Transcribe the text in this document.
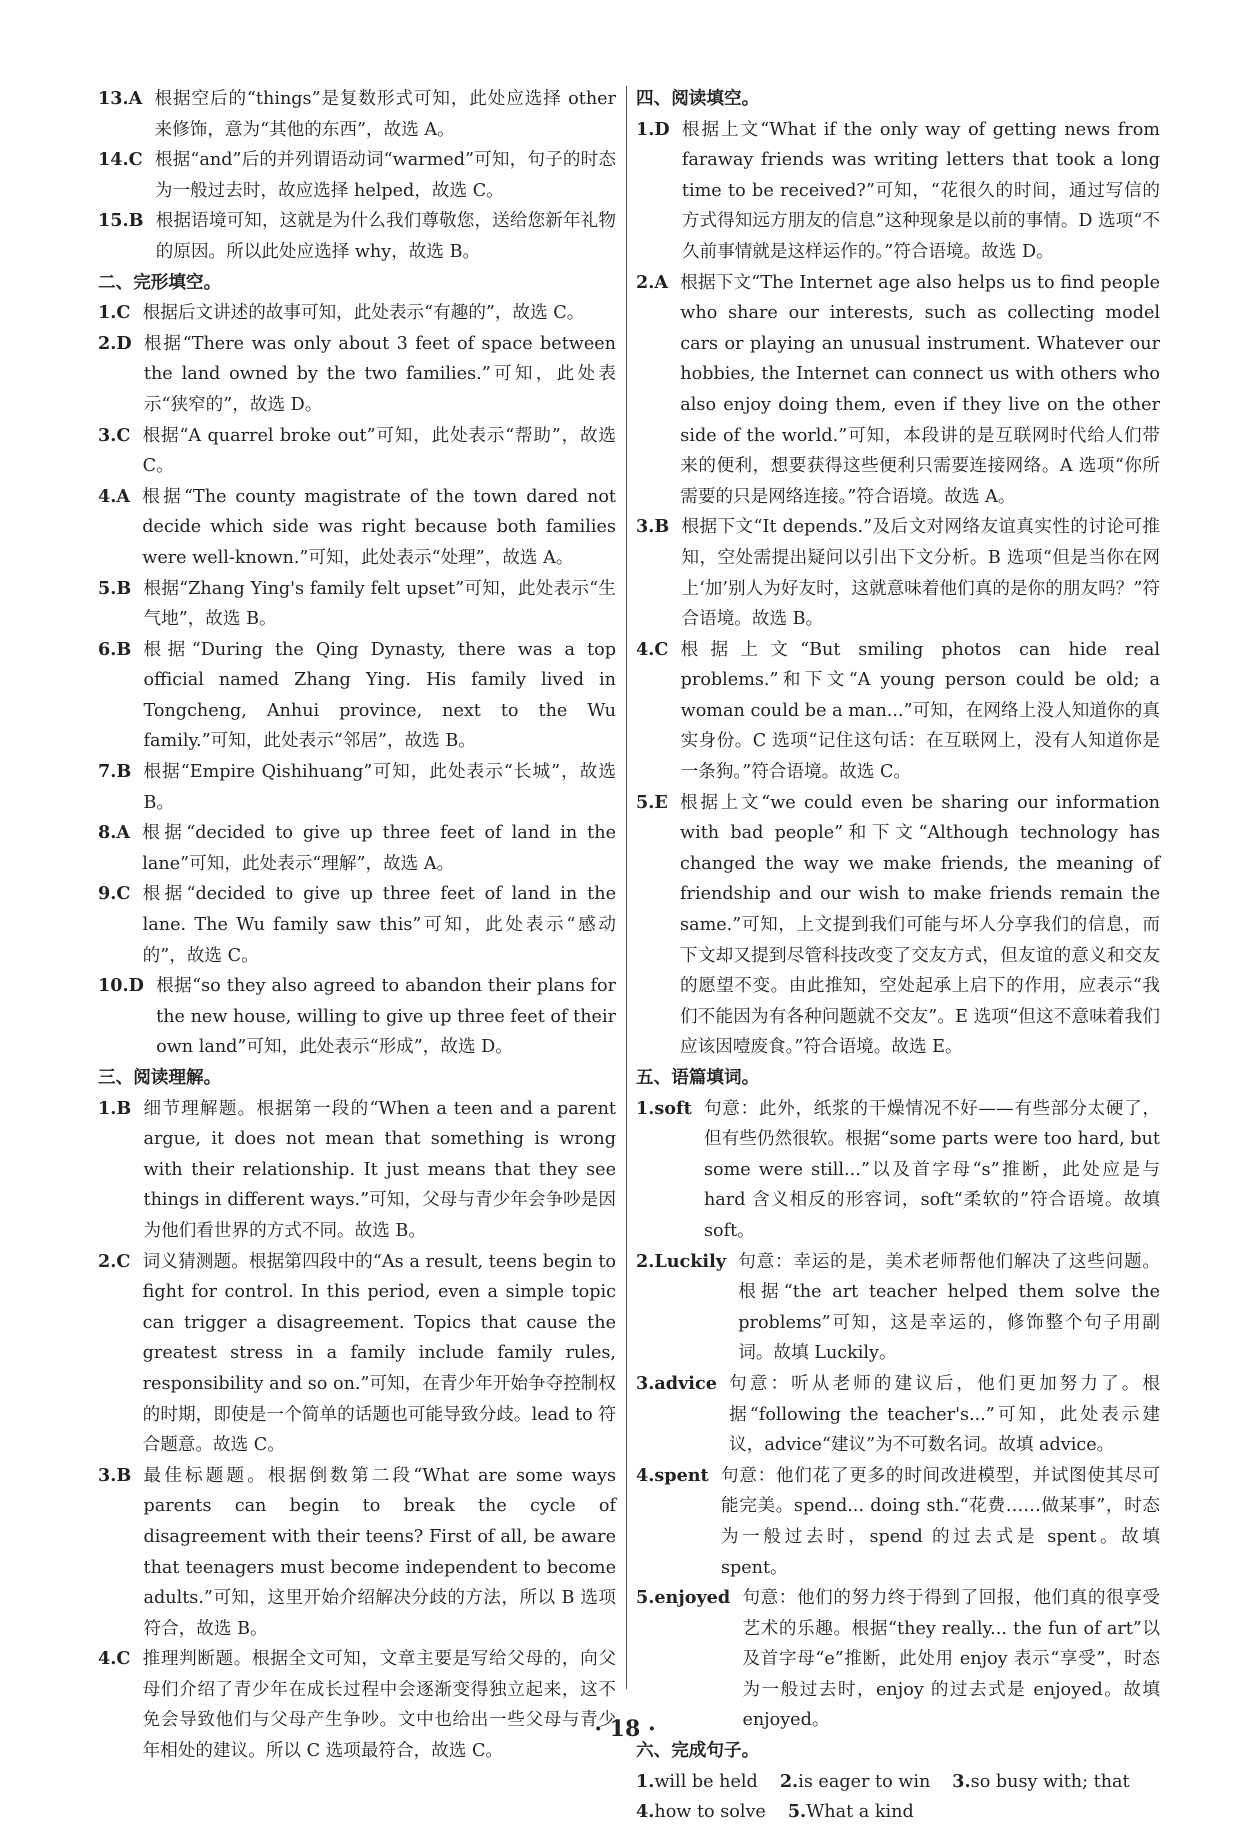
13.A
根据空后的“things”是复数形式可知，此处应选择 other 来修饰，意为“其他的东西”，故选 A。
14.C
根据“and”后的并列谓语动词“warmed”可知，句子的时态为一般过去时，故应选择 helped，故选 C。
15.B
根据语境可知，这就是为什么我们尊敬您，送给您新年礼物的原因。所以此处应选择 why，故选 B。
二、完形填空。
1.C
根据后文讲述的故事可知，此处表示“有趣的”，故选 C。
2.D
根据“There was only about 3 feet of space between the land owned by the two families.”可知，此处表示“狭窄的”，故选 D。
3.C
根据“A quarrel broke out”可知，此处表示“帮助”，故选 C。
4.A
根据“The county magistrate of the town dared not decide which side was right because both families were well-known.”可知，此处表示“处理”，故选 A。
5.B
根据“Zhang Ying's family felt upset”可知，此处表示“生气地”，故选 B。
6.B
根据“During the Qing Dynasty, there was a top official named Zhang Ying. His family lived in Tongcheng, Anhui province, next to the Wu family.”可知，此处表示“邻居”，故选 B。
7.B
根据“Empire Qishihuang”可知，此处表示“长城”，故选 B。
8.A
根据“decided to give up three feet of land in the lane”可知，此处表示“理解”，故选 A。
9.C
根据“decided to give up three feet of land in the lane. The Wu family saw this”可知，此处表示“感动的”，故选 C。
10.D
根据“so they also agreed to abandon their plans for the new house, willing to give up three feet of their own land”可知，此处表示“形成”，故选 D。
三、阅读理解。
1.B
细节理解题。根据第一段的“When a teen and a parent argue, it does not mean that something is wrong with their relationship. It just means that they see things in different ways.”可知，父母与青少年会争吵是因为他们看世界的方式不同。故选 B。
2.C
词义猜测题。根据第四段中的“As a result, teens begin to fight for control. In this period, even a simple topic can trigger a disagreement. Topics that cause the greatest stress in a family include family rules, responsibility and so on.”可知，在青少年开始争夺控制权的时期，即使是一个简单的话题也可能导致分歧。lead to 符合题意。故选 C。
3.B
最佳标题题。根据倒数第二段“What are some ways parents can begin to break the cycle of disagreement with their teens? First of all, be aware that teenagers must become independent to become adults.”可知，这里开始介绍解决分歧的方法，所以 B 选项符合，故选 B。
4.C
推理判断题。根据全文可知，文章主要是写给父母的，向父母们介绍了青少年在成长过程中会逐渐变得独立起来，这不免会导致他们与父母产生争吵。文中也给出一些父母与青少年相处的建议。所以 C 选项最符合，故选 C。
四、阅读填空。
1.D
根据上文“What if the only way of getting news from faraway friends was writing letters that took a long time to be received?”可知，“花很久的时间，通过写信的方式得知远方朋友的信息”这种现象是以前的事情。D 选项“不久前事情就是这样运作的。”符合语境。故选 D。
2.A
根据下文“The Internet age also helps us to find people who share our interests, such as collecting model cars or playing an unusual instrument. Whatever our hobbies, the Internet can connect us with others who also enjoy doing them, even if they live on the other side of the world.”可知，本段讲的是互联网时代给人们带来的便利，想要获得这些便利只需要连接网络。A 选项“你所需要的只是网络连接。”符合语境。故选 A。
3.B
根据下文“It depends.”及后文对网络友谊真实性的讨论可推知，空处需提出疑问以引出下文分析。B 选项“但是当你在网上‘加’别人为好友时，这就意味着他们真的是你的朋友吗？”符合语境。故选 B。
4.C
根据上文“But smiling photos can hide real problems.”和下文“A young person could be old; a woman could be a man...”可知，在网络上没人知道你的真实身份。C 选项“记住这句话：在互联网上，没有人知道你是一条狗。”符合语境。故选 C。
5.E
根据上文“we could even be sharing our information with bad people”和下文“Although technology has changed the way we make friends, the meaning of friendship and our wish to make friends remain the same.”可知，上文提到我们可能与坏人分享我们的信息，而下文却又提到尽管科技改变了交友方式，但友谊的意义和交友的愿望不变。由此推知，空处起承上启下的作用，应表示“我们不能因为有各种问题就不交友”。E 选项“但这不意味着我们应该因噎废食。”符合语境。故选 E。
五、语篇填词。
1.soft
句意：此外，纸浆的干燥情况不好——有些部分太硬了，但有些仍然很软。根据“some parts were too hard, but some were still...”以及首字母“s”推断，此处应是与 hard 含义相反的形容词，soft“柔软的”符合语境。故填 soft。
2.Luckily
句意：幸运的是，美术老师帮他们解决了这些问题。根据“the art teacher helped them solve the problems”可知，这是幸运的，修饰整个句子用副词。故填 Luckily。
3.advice
句意：听从老师的建议后，他们更加努力了。根据“following the teacher's...”可知，此处表示建议，advice“建议”为不可数名词。故填 advice。
4.spent
句意：他们花了更多的时间改进模型，并试图使其尽可能完美。spend... doing sth.“花费……做某事”，时态为一般过去时，spend 的过去式是 spent。故填 spent。
5.enjoyed
句意：他们的努力终于得到了回报，他们真的很享受艺术的乐趣。根据“they really... the fun of art”以及首字母“e”推断，此处用 enjoy 表示“享受”，时态为一般过去时，enjoy 的过去式是 enjoyed。故填 enjoyed。
六、完成句子。
1.will be held 2.is eager to win 3.so busy with; that
4.how to solve 5.What a kind
· 18 ·
